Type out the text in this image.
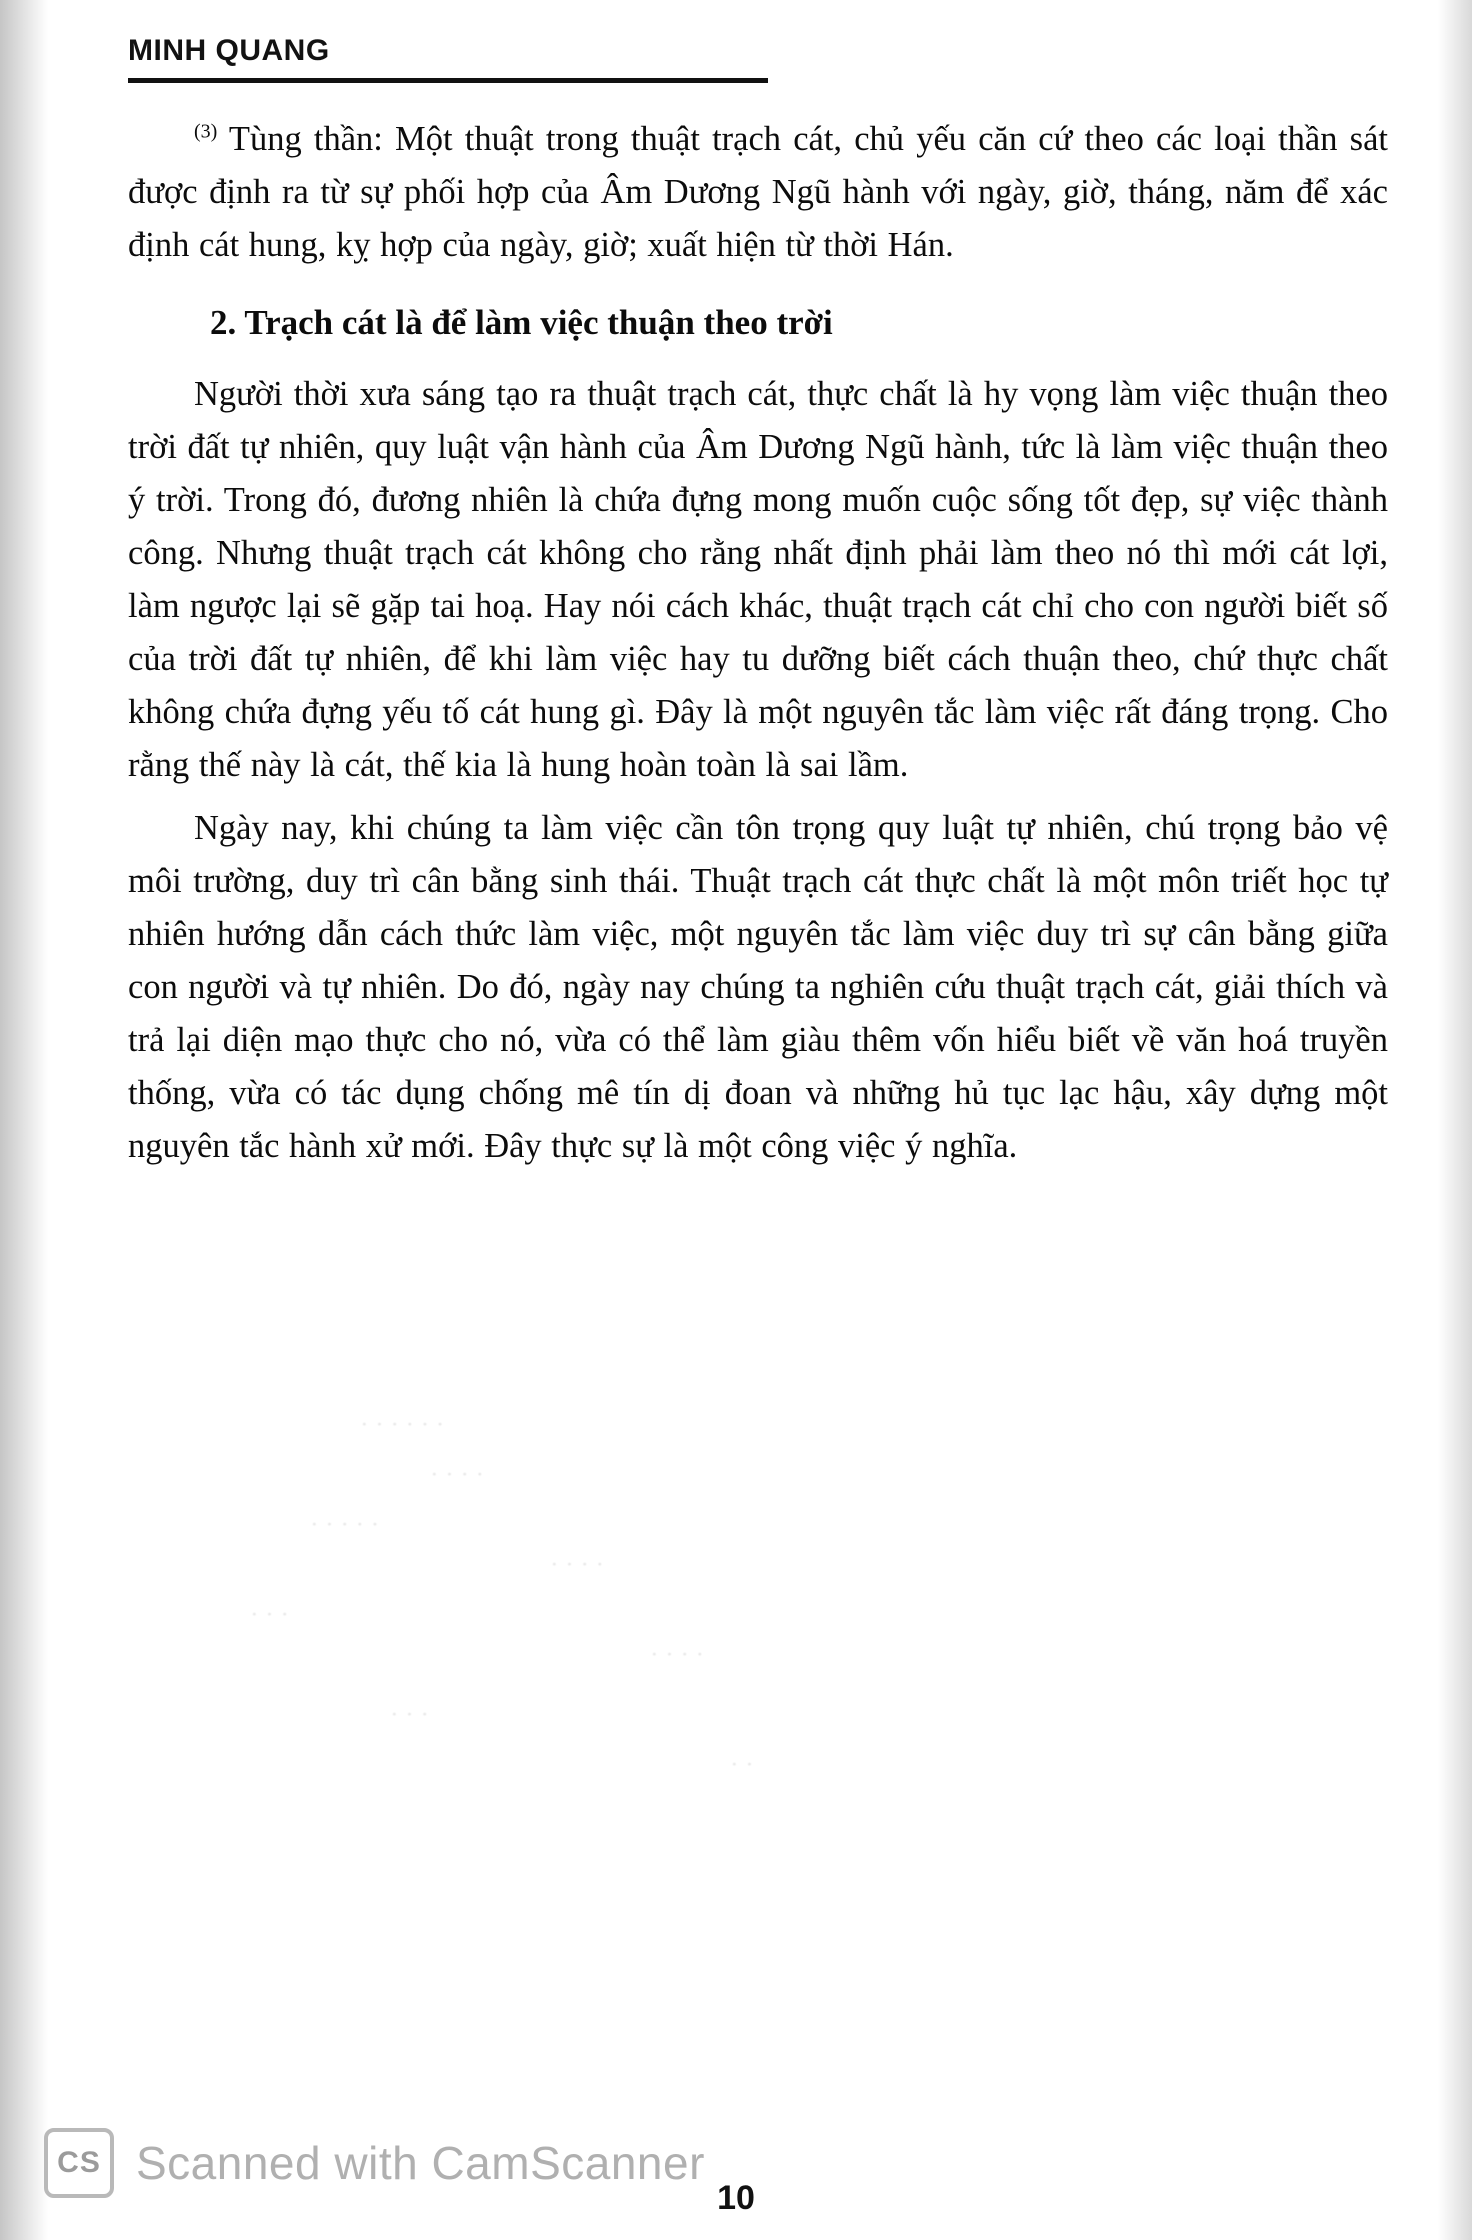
MINH QUANG

$^{(3)}$ Tùng thần: Một thuật trong thuật trạch cát, chủ yếu căn cứ theo các loại thần sát được định ra từ sự phối hợp của Âm Dương Ngũ hành với ngày, giờ, tháng, năm để xác định cát hung, kỵ hợp của ngày, giờ; xuất hiện từ thời Hán.

2. Trạch cát là để làm việc thuận theo trời

Người thời xưa sáng tạo ra thuật trạch cát, thực chất là hy vọng làm việc thuận theo trời đất tự nhiên, quy luật vận hành của Âm Dương Ngũ hành, tức là làm việc thuận theo ý trời. Trong đó, đương nhiên là chứa đựng mong muốn cuộc sống tốt đẹp, sự việc thành công. Nhưng thuật trạch cát không cho rằng nhất định phải làm theo nó thì mới cát lợi, làm ngược lại sẽ gặp tai hoạ. Hay nói cách khác, thuật trạch cát chỉ cho con người biết số của trời đất tự nhiên, để khi làm việc hay tu dưỡng biết cách thuận theo, chứ thực chất không chứa đựng yếu tố cát hung gì. Đây là một nguyên tắc làm việc rất đáng trọng. Cho rằng thế này là cát, thế kia là hung hoàn toàn là sai lầm.

Ngày nay, khi chúng ta làm việc cần tôn trọng quy luật tự nhiên, chú trọng bảo vệ môi trường, duy trì cân bằng sinh thái. Thuật trạch cát thực chất là một môn triết học tự nhiên hướng dẫn cách thức làm việc, một nguyên tắc làm việc duy trì sự cân bằng giữa con người và tự nhiên. Do đó, ngày nay chúng ta nghiên cứu thuật trạch cát, giải thích và trả lại diện mạo thực cho nó, vừa có thể làm giàu thêm vốn hiểu biết về văn hoá truyền thống, vừa có tác dụng chống mê tín dị đoan và những hủ tục lạc hậu, xây dựng một nguyên tắc hành xử mới. Đây thực sự là một công việc ý nghĩa.

· · · · · ·
· · · ·
· · · · ·
· · · ·
· · ·
· · · ·
· · ·
· ·
CS Scanned with CamScanner
10
